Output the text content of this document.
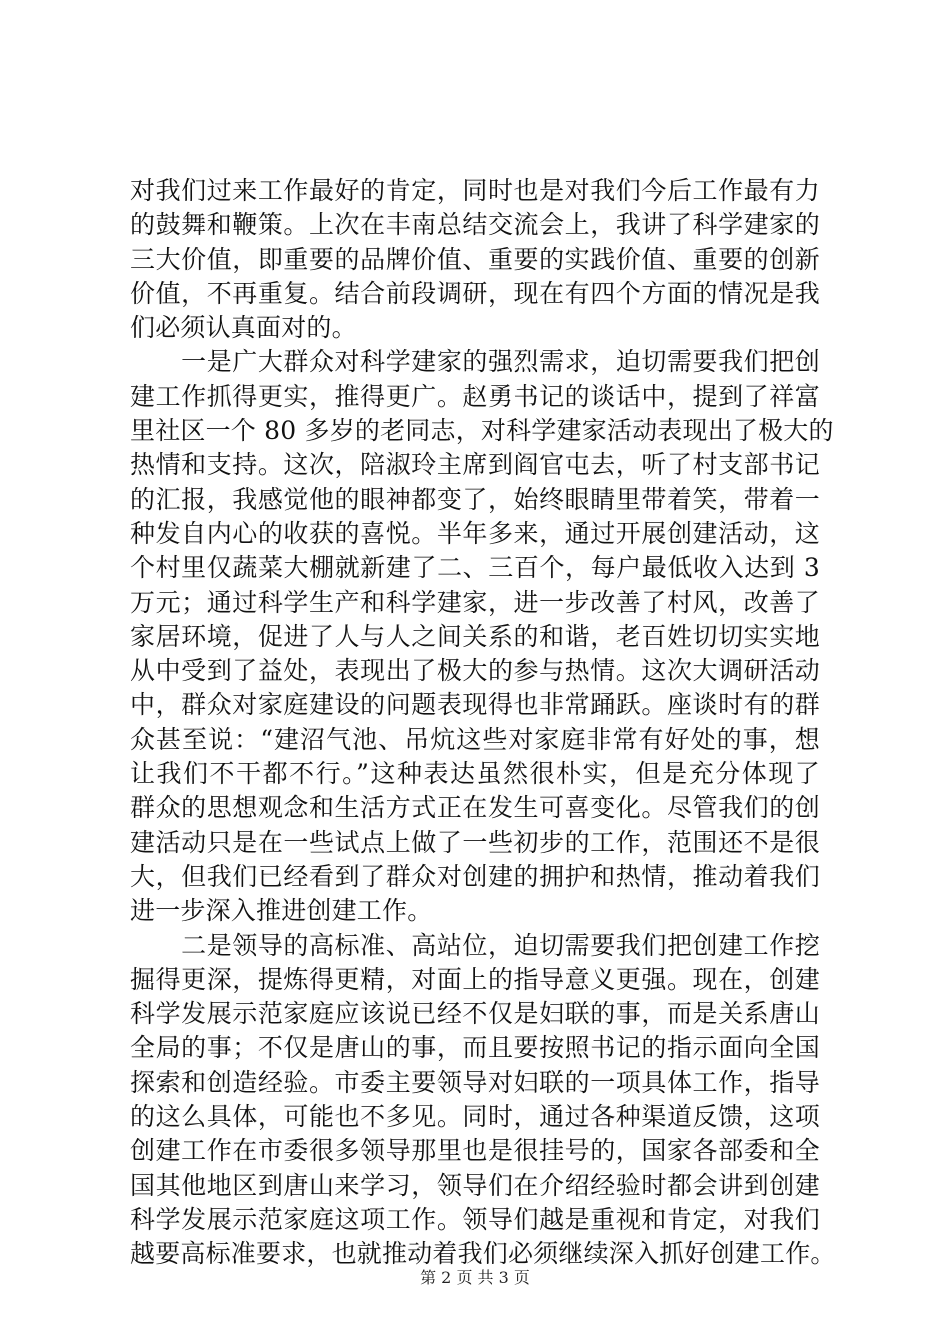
对我们过来工作最好的肯定，同时也是对我们今后工作最有力
的鼓舞和鞭策。上次在丰南总结交流会上，我讲了科学建家的
三大价值，即重要的品牌价值、重要的实践价值、重要的创新
价值，不再重复。结合前段调研，现在有四个方面的情况是我
们必须认真面对的。
　　一是广大群众对科学建家的强烈需求，迫切需要我们把创
建工作抓得更实，推得更广。赵勇书记的谈话中，提到了祥富
里社区一个 80 多岁的老同志，对科学建家活动表现出了极大的
热情和支持。这次，陪淑玲主席到阎官屯去，听了村支部书记
的汇报，我感觉他的眼神都变了，始终眼睛里带着笑，带着一
种发自内心的收获的喜悦。半年多来，通过开展创建活动，这
个村里仅蔬菜大棚就新建了二、三百个，每户最低收入达到 3
万元；通过科学生产和科学建家，进一步改善了村风，改善了
家居环境，促进了人与人之间关系的和谐，老百姓切切实实地
从中受到了益处，表现出了极大的参与热情。这次大调研活动
中，群众对家庭建设的问题表现得也非常踊跃。座谈时有的群
众甚至说：“建沼气池、吊炕这些对家庭非常有好处的事，想
让我们不干都不行。”这种表达虽然很朴实，但是充分体现了
群众的思想观念和生活方式正在发生可喜变化。尽管我们的创
建活动只是在一些试点上做了一些初步的工作，范围还不是很
大，但我们已经看到了群众对创建的拥护和热情，推动着我们
进一步深入推进创建工作。
　　二是领导的高标准、高站位，迫切需要我们把创建工作挖
掘得更深，提炼得更精，对面上的指导意义更强。现在，创建
科学发展示范家庭应该说已经不仅是妇联的事，而是关系唐山
全局的事；不仅是唐山的事，而且要按照书记的指示面向全国
探索和创造经验。市委主要领导对妇联的一项具体工作，指导
的这么具体，可能也不多见。同时，通过各种渠道反馈，这项
创建工作在市委很多领导那里也是很挂号的，国家各部委和全
国其他地区到唐山来学习，领导们在介绍经验时都会讲到创建
科学发展示范家庭这项工作。领导们越是重视和肯定，对我们
越要高标准要求，也就推动着我们必须继续深入抓好创建工作。
第 2 页 共 3 页
